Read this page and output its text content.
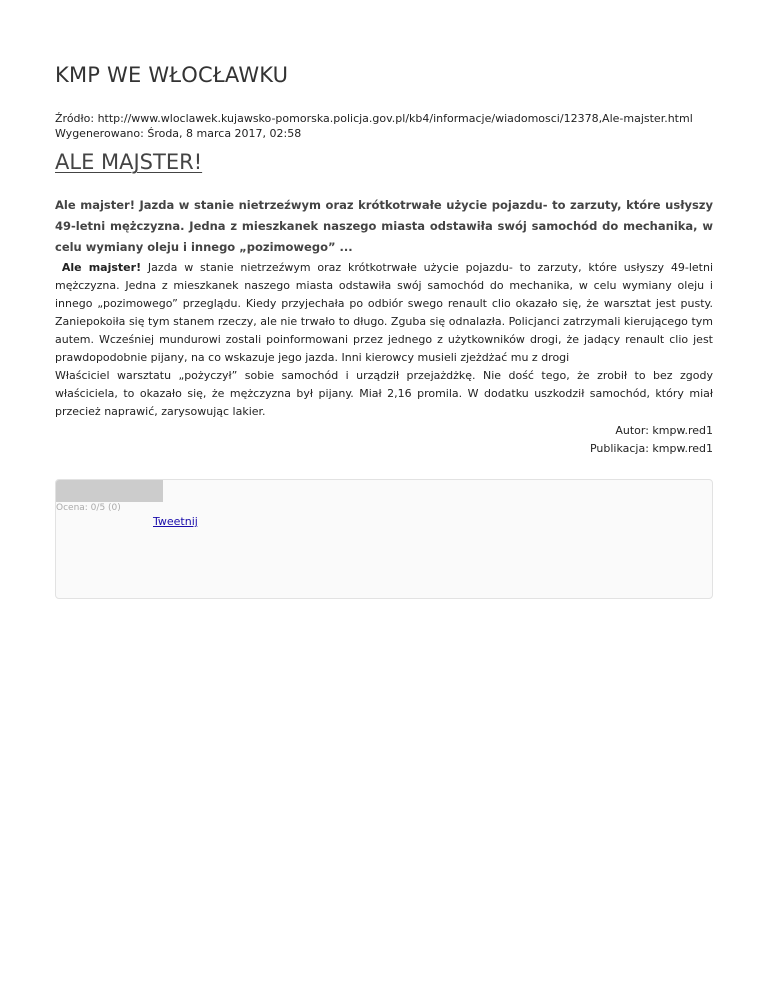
KMP WE WŁOCŁAWKU
Źródło: http://www.wloclawek.kujawsko-pomorska.policja.gov.pl/kb4/informacje/wiadomosci/12378,Ale-majster.html
Wygenerowano: Środa, 8 marca 2017, 02:58
ALE MAJSTER!
Ale majster! Jazda w stanie nietrzeźwym oraz krótkotrwałe użycie pojazdu- to zarzuty, które usłyszy 49-letni mężczyzna. Jedna z mieszkanek naszego miasta odstawiła swój samochód do mechanika, w celu wymiany oleju i innego „pozimowego” ...

Ale majster! Jazda w stanie nietrzeźwym oraz krótkotrwałe użycie pojazdu- to zarzuty, które usłyszy 49-letni mężczyzna. Jedna z mieszkanek naszego miasta odstawiła swój samochód do mechanika, w celu wymiany oleju i innego „pozimowego” przeglądu. Kiedy przyjechała po odbiór swego renault clio okazało się, że warsztat jest pusty. Zaniepokoiła się tym stanem rzeczy, ale nie trwało to długo. Zguba się odnalazła. Policjanci zatrzymali kierującego tym autem. Wcześniej mundurowi zostali poinformowani przez jednego z użytkowników drogi, że jadący renault clio jest prawdopodobnie pijany, na co wskazuje jego jazda. Inni kierowcy musieli zjeżdżać mu z drogi

Właściciel warsztatu „pożyczył” sobie samochód i urządził przejażdżkę. Nie dość tego, że zrobił to bez zgody właściciela, to okazało się, że mężczyzna był pijany. Miał 2,16 promila. W dodatku uszkodził samochód, który miał przecież naprawić, zarysowując lakier.

Autor: kmpw.red1
Publikacja: kmpw.red1
Ocena: 0/5 (0)
Tweetnij
